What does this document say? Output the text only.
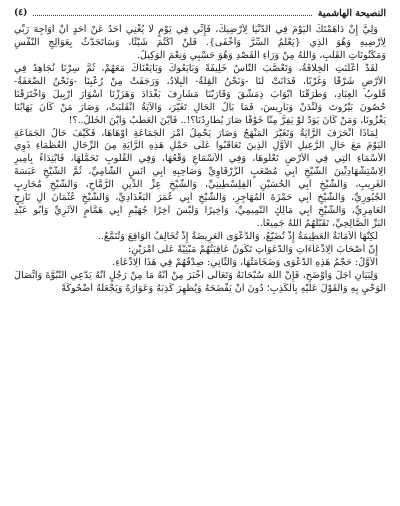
(٤)	النصيحة الهاشمية
وَلِيَّ إِنْ دَاهَمْتَكَ الْيَوْمَ فِي الدُّنْيَا لِأُرْضِيكَ، فَإِنِّي فِي يَوْمٍ لَا يُغْنِي أَحَدٌ عَنْ أَحَدٍ أَنْ أُوَاجِهَ رَبِّي
لِأُرْضِيهِ وَهُوَ الَّذِي {يَعْلَمُ السِّرَّ وَأَخْفَى}. فَلَنْ أَكْتُمَ شَيْئًا، وَسَأَتَحَدَّثُ بِعَوَالِجِ النَّفْسِ
وَمَكْنُونَاتِ الْقَلْبِ، وَاللهُ مِنْ وَرَاءِ الْقَصْدِ وَهُوَ حَسْبِي وَنِعْمَ الْوَكِيلُ.
لَقَدْ أَعْلَنَتِ الْخِلَافَةُ، وَتَعْصَّبَ النَّاسُ خَلِيفَةً وَبَايَعُوكَ وَبَايَعْنَاكَ مَعَهُمْ، ثُمَّ سِرْنَا نُجَاهِدُ فِي
الْأَرْضِ شَرْقًا وَغَرْبًا، فَدَانَتْ لَنَا -وَنَحْنُ الْقِلَّةُ- الْبِلَادُ، وَرَجَفَتْ مِنْ رُعْبِنَا -وَنَحْنُ الضَّعَفَةُ-
قُلُوبُ الْعِبَادِ، وَطَرَقْنَا أَبْوَابَ دِمَشْقَ وَقَارَبْنَا مَشَارِفَ بَغْدَادَ وَهَزَزْنَا أَسْوَارَ أَرْبِيلَ وَاخْتَرَقْنَا
حُصُونَ بَيْرُوتَ وَلَنْدَنْ وَبَارِيسَ، فَمَا بَالُ الْحَالِ تَغَيَّرَ، وَالْآيَةُ انْقَلَبَتْ، وَصَارَ مَنْ كَانَ يَهَابُنَا
يَغْزُونَا، وَمَنْ كَانَ يَوَدُّ لَوْ يَفِرُّ مِنَّا خَوْفًا صَارَ يُطَارِدُنَا؟!.. فَأَيْنَ الْعَطَبُ وَأَيْنَ الْخَلَلُ..؟!
لِمَاذَا انْحَرَفَ الرَّايَةُ وَتَغَيَّرَ الْمَنْهَجُ وَصَارَ يَحْمِلُ أَمْرَ الْجَمَاعَةِ أَوْهَاهَا، فَكَيْفَ حَالُ الْجَمَاعَةِ
الْيَوْمَ مَعَ حَالِ الرَّعِيلِ الْأَوَّلِ الَّذِينَ تَعَاقَبُوا عَلَى حَمْلِ هَذِهِ الرَّايَةِ مِنَ الرِّجَالِ الْعُظَمَاءِ ذَوِي
الْأَسْمَاءِ الَّتِي فِي الْأَرْضِ تَعْلُوهَا، وَفِي الْأَسْمَاعِ وَقْعُهَا، وَفِي الْقُلُوبِ تَحَمُّلُهَا، فَابْتِدَاءً بِأَمِيرِ
الِاسْتِشْهَادِيِّينَ الشَّيْخِ أَبِي مُصْعَبٍ الزَّرْقَاوِيِّ وَصَاحِبِهِ أَبِي أَنَسٍ الشَّامِيِّ، ثُمَّ الشَّيْخِ عَبَسَةَ
الْغَرِيبِ، وَالشَّيْخِ أَبِي الْحُسَيْنِ الْفِلِسْطِينِيِّ، وَالشَّيْخِ عِزِّ الدِّينِ الرَّمَّاحِ، وَالشَّيْخِ مُحَارِبٍ
الْجُبُورِيِّ، وَالشَّيْخِ أَبِي حَمْزَةَ الْمُهَاجِرِ، وَالشَّيْخِ أَبِي عُمَرَ الْبَغْدَادِيِّ، وَالشَّيْخِ عُثْمَانَ آلِ نَازِحٍ
الْعَامِرِيِّ، وَالشَّيْخِ أَبِي مَالِكٍ التَّمِيمِيِّ، وَأَخِيرًا وَلَيْسَ آخِرًا جُهَيْمِ أَبِي هَمَّامٍ الْأَثَرِيِّ وَأَبُو عَبْدِ
الْبَرِّ الصَّالِحِيِّ، تَقَبَّلَهُمُ اللهُ جَمِيعًا..
لَكِنَّهَا الْأَمَانَةُ الْعَظِيمَةُ إِذْ تُضَيَّعُ، وَالدَّعْوَى الْعَرِيضَةُ إِذْ تُخَالِفُ الْوَاقِعَ وَتُنَمَّعُ..
إِنَّ أَصْحَابَ الِادِّعَاءَاتِ وَالدَّعَوَاتِ تَكُونُ عَاقِبَتُهُمْ مَبْنِيَّةً عَلَى أَمْرَيْنِ:
الْأَوَّلُ: حَجْمُ هَذِهِ الدَّعْوَى وَضَخَامَتُهَا، وَالثَّانِي: صِدْقُهُمْ فِي هَذَا الِادِّعَاءِ.
وَلِبَيَانِ أَجَلِّ وَأَوْضَحِ، فَإِنَّ اللهَ سُبْحَانَهُ وَتَعَالَى أَخْبَرَ مِنْ أَنَّهُ مَا مِنْ رَجُلٍ أَنَّهُ يَدَّعِي النُّبُوَّةَ وَاتِّصَالَ
الْوَحْيِ بِهِ وَالْقَوْلَ عَلَيْهِ بِالْكَذِبِ؛ دُونَ أَنْ يَفْضَحَهُ وَيُظْهِرَ كَذِبَهُ وَعَوَارَهُ وَيَجْعَلَهُ أُضْحُوكَةً
